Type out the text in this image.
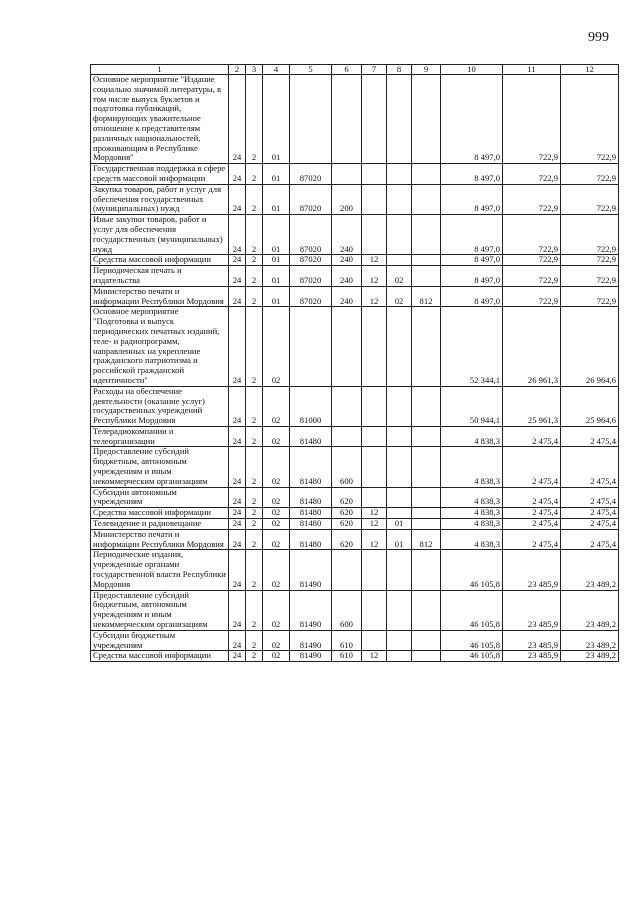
999
1	2	3	4	5	6	7	8	9	10	11	12
Основное мероприятие "Издание социально значимой литературы, в том числе выпуск буклетов и подготовка публикаций, формирующих уважительное отношение к представителям различных национальностей, проживающим в Республике Мордовия"	24	2	01						8 497,0	722,9	722,9
Государственная поддержка в сфере средств массовой информации	24	2	01	87020					8 497,0	722,9	722,9
Закупка товаров, работ и услуг для обеспечения государственных (муниципальных) нужд	24	2	01	87020	200				8 497,0	722,9	722,9
Иные закупки товаров, работ и услуг для обеспечения государственных (муниципальных) нужд	24	2	01	87020	240				8 497,0	722,9	722,9
Средства массовой информации	24	2	01	87020	240	12			8 497,0	722,9	722,9
Периодическая печать и издательства	24	2	01	87020	240	12	02		8 497,0	722,9	722,9
Министерство печати и информации Республики Мордовия	24	2	01	87020	240	12	02	812	8 497,0	722,9	722,9
Основное мероприятие "Подготовка и выпуск периодических печатных изданий, теле- и радиопрограмм, направленных на укрепление гражданского патриотизма и российской гражданской идентичности"	24	2	02						52 344,1	26 961,3	26 964,6
Расходы на обеспечение деятельности (оказание услуг) государственных учреждений Республики Мордовия	24	2	02	81000					50 944,1	25 961,3	25 964,6
Телерадиокомпании и телеорганизации	24	2	02	81480					4 838,3	2 475,4	2 475,4
Предоставление субсидий бюджетным, автономным учреждениям и иным некоммерческим организациям	24	2	02	81480	600				4 838,3	2 475,4	2 475,4
Субсидии автономным учреждениям	24	2	02	81480	620				4 838,3	2 475,4	2 475,4
Средства массовой информации	24	2	02	81480	620	12			4 838,3	2 475,4	2 475,4
Телевидение и радиовещание	24	2	02	81480	620	12	01		4 838,3	2 475,4	2 475,4
Министерство печати и информации Республики Мордовия	24	2	02	81480	620	12	01	812	4 838,3	2 475,4	2 475,4
Периодические издания, учрежденные органами государственной власти Республики Мордовия	24	2	02	81490					46 105,8	23 485,9	23 489,2
Предоставление субсидий бюджетным, автономным учреждениям и иным некоммерческим организациям	24	2	02	81490	600				46 105,8	23 485,9	23 489,2
Субсидии бюджетным учреждениям	24	2	02	81490	610				46 105,8	23 485,9	23 489,2
Средства массовой информации	24	2	02	81490	610	12			46 105,8	23 485,9	23 489,2
